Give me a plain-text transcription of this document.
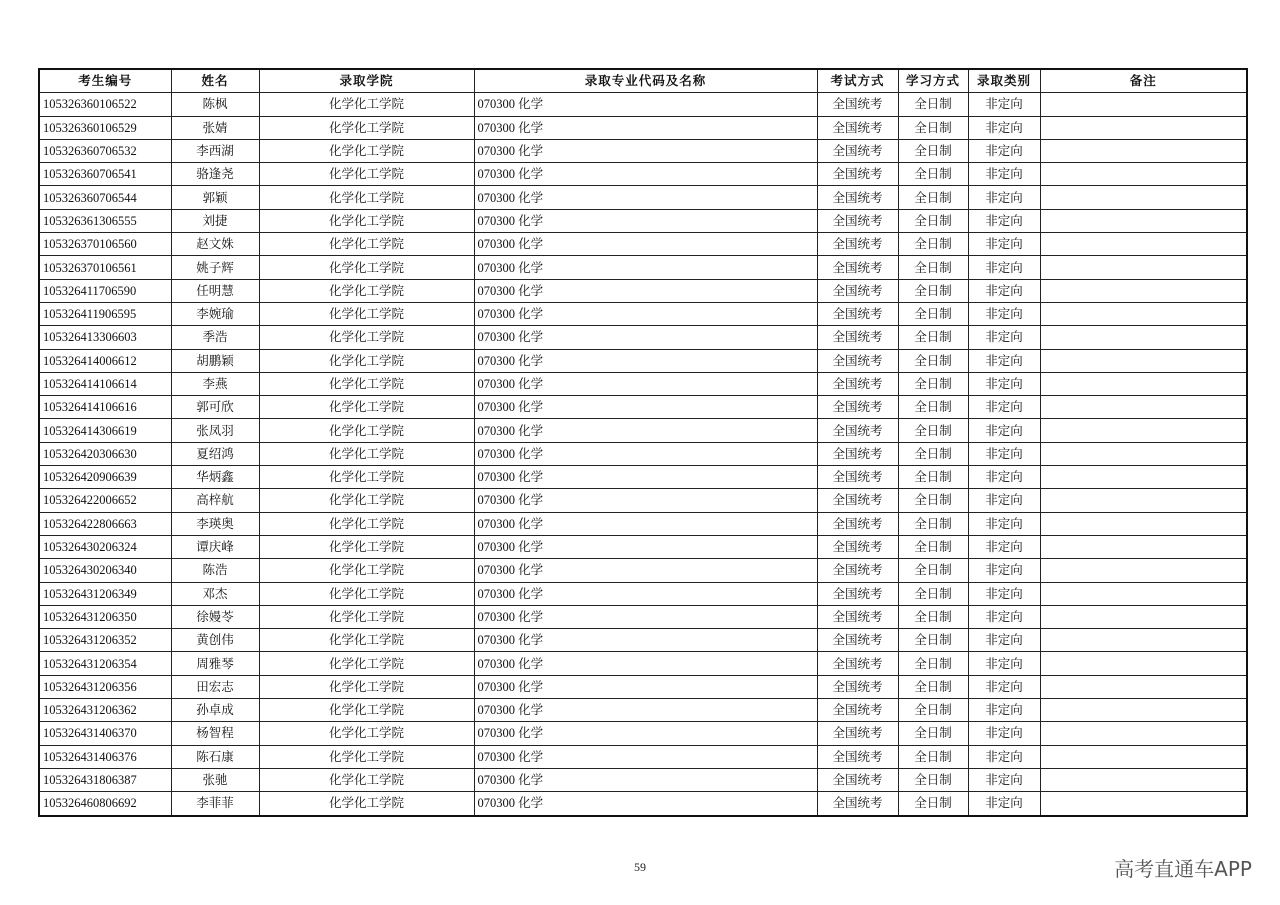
考生编号	姓名	录取学院	录取专业代码及名称	考试方式	学习方式	录取类别	备注
105326360106522	陈枫	化学化工学院	070300 化学	全国统考	全日制	非定向	
105326360106529	张婧	化学化工学院	070300 化学	全国统考	全日制	非定向	
105326360706532	李西湖	化学化工学院	070300 化学	全国统考	全日制	非定向	
105326360706541	骆逢尧	化学化工学院	070300 化学	全国统考	全日制	非定向	
105326360706544	郭颖	化学化工学院	070300 化学	全国统考	全日制	非定向	
105326361306555	刘捷	化学化工学院	070300 化学	全国统考	全日制	非定向	
105326370106560	赵文姝	化学化工学院	070300 化学	全国统考	全日制	非定向	
105326370106561	姚子辉	化学化工学院	070300 化学	全国统考	全日制	非定向	
105326411706590	任明慧	化学化工学院	070300 化学	全国统考	全日制	非定向	
105326411906595	李婉瑜	化学化工学院	070300 化学	全国统考	全日制	非定向	
105326413306603	季浩	化学化工学院	070300 化学	全国统考	全日制	非定向	
105326414006612	胡鹏颖	化学化工学院	070300 化学	全国统考	全日制	非定向	
105326414106614	李燕	化学化工学院	070300 化学	全国统考	全日制	非定向	
105326414106616	郭可欣	化学化工学院	070300 化学	全国统考	全日制	非定向	
105326414306619	张凤羽	化学化工学院	070300 化学	全国统考	全日制	非定向	
105326420306630	夏绍鸿	化学化工学院	070300 化学	全国统考	全日制	非定向	
105326420906639	华炳鑫	化学化工学院	070300 化学	全国统考	全日制	非定向	
105326422006652	高梓航	化学化工学院	070300 化学	全国统考	全日制	非定向	
105326422806663	李瑛奥	化学化工学院	070300 化学	全国统考	全日制	非定向	
105326430206324	谭庆峰	化学化工学院	070300 化学	全国统考	全日制	非定向	
105326430206340	陈浩	化学化工学院	070300 化学	全国统考	全日制	非定向	
105326431206349	邓杰	化学化工学院	070300 化学	全国统考	全日制	非定向	
105326431206350	徐嫚苓	化学化工学院	070300 化学	全国统考	全日制	非定向	
105326431206352	黄创伟	化学化工学院	070300 化学	全国统考	全日制	非定向	
105326431206354	周雅琴	化学化工学院	070300 化学	全国统考	全日制	非定向	
105326431206356	田宏志	化学化工学院	070300 化学	全国统考	全日制	非定向	
105326431206362	孙卓成	化学化工学院	070300 化学	全国统考	全日制	非定向	
105326431406370	杨智程	化学化工学院	070300 化学	全国统考	全日制	非定向	
105326431406376	陈石康	化学化工学院	070300 化学	全国统考	全日制	非定向	
105326431806387	张驰	化学化工学院	070300 化学	全国统考	全日制	非定向	
105326460806692	李菲菲	化学化工学院	070300 化学	全国统考	全日制	非定向	
59	高考直通车APP
